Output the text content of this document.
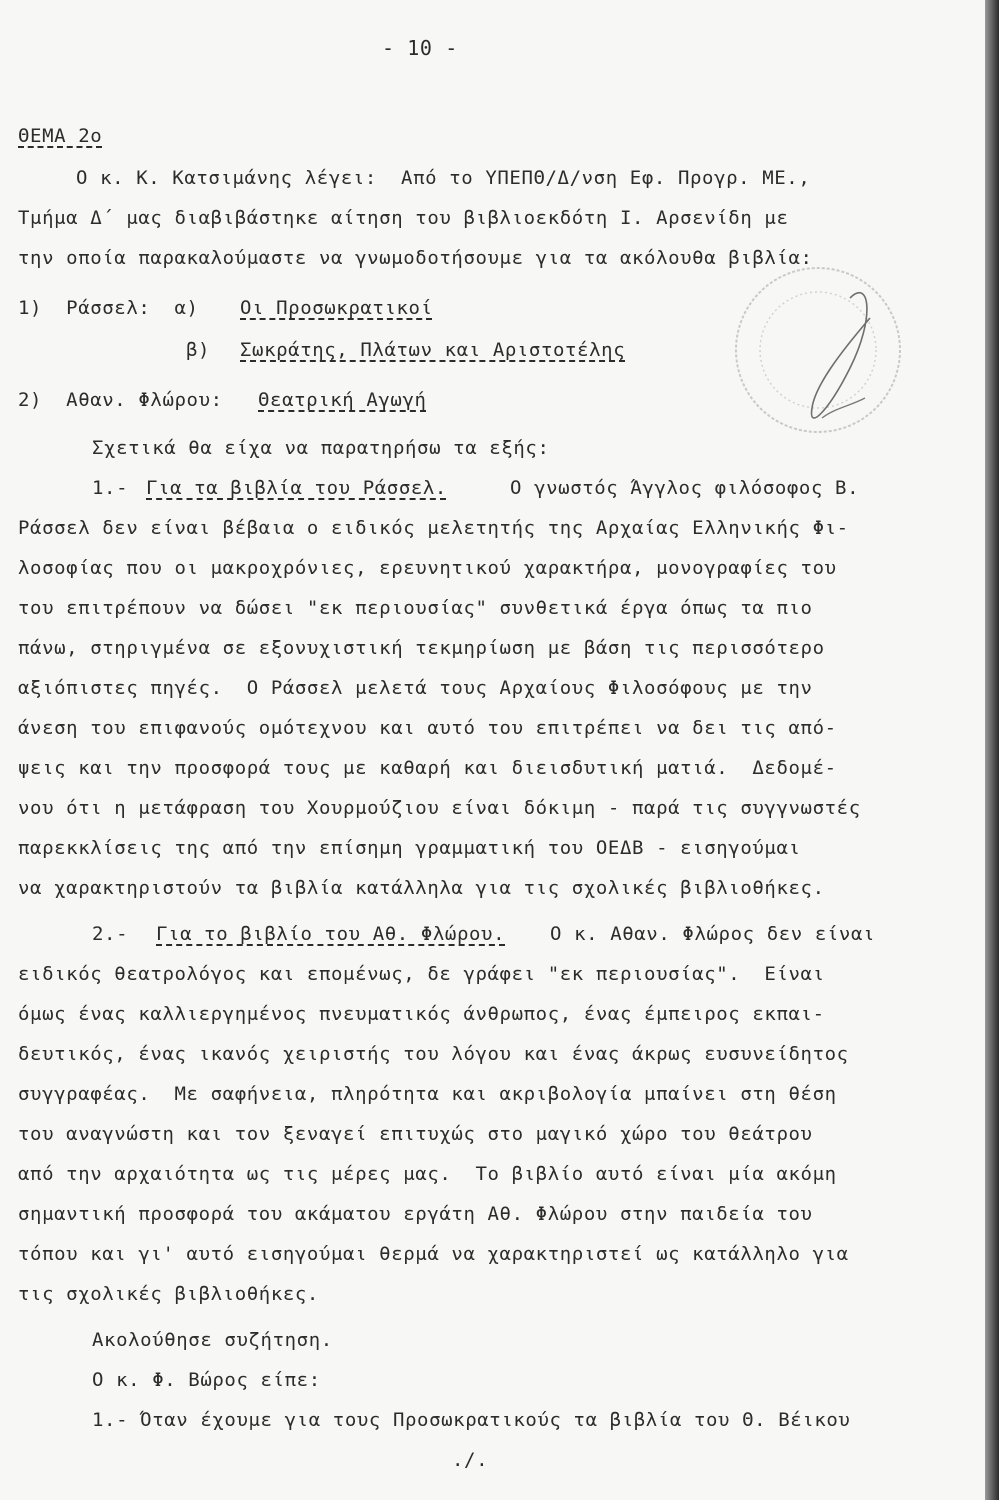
- 10 -
ΘΕΜΑ 2ο
Ο κ. Κ. Κατσιμάνης λέγει:  Από το ΥΠΕΠΘ/Δ/νση Εφ. Προγρ. ΜΕ.,
Τμήμα Δ΄ μας διαβιβάστηκε αίτηση του βιβλιοεκδότη Ι. Αρσενίδη με
την οποία παρακαλούμαστε να γνωμοδοτήσουμε για τα ακόλουθα βιβλία:
1)  Ράσσελ:  α) Οι Προσωκρατικοί
β) Σωκράτης, Πλάτων και Αριστοτέλης
2)  Αθαν. Φλώρου: Θεατρική Αγωγή
Σχετικά θα είχα να παρατηρήσω τα εξής:
1.- Για τα βιβλία του Ράσσελ.	Ο γνωστός Άγγλος φιλόσοφος Β.
Ράσσελ δεν είναι βέβαια ο ειδικός μελετητής της Αρχαίας Ελληνικής Φι-
λοσοφίας που οι μακροχρόνιες, ερευνητικού χαρακτήρα, μονογραφίες του
του επιτρέπουν να δώσει "εκ περιουσίας" συνθετικά έργα όπως τα πιο
πάνω, στηριγμένα σε εξονυχιστική τεκμηρίωση με βάση τις περισσότερο
αξιόπιστες πηγές.  Ο Ράσσελ μελετά τους Αρχαίους Φιλοσόφους με την
άνεση του επιφανούς ομότεχνου και αυτό του επιτρέπει να δει τις από-
ψεις και την προσφορά τους με καθαρή και διεισδυτική ματιά.  Δεδομέ-
νου ότι η μετάφραση του Χουρμούζιου είναι δόκιμη - παρά τις συγγνωστές
παρεκκλίσεις της από την επίσημη γραμματική του ΟΕΔΒ - εισηγούμαι
να χαρακτηριστούν τα βιβλία κατάλληλα για τις σχολικές βιβλιοθήκες.
2.- Για το βιβλίο του Αθ. Φλώρου. Ο κ. Αθαν. Φλώρος δεν είναι
ειδικός θεατρολόγος και επομένως, δε γράφει "εκ περιουσίας".  Είναι
όμως ένας καλλιεργημένος πνευματικός άνθρωπος, ένας έμπειρος εκπαι-
δευτικός, ένας ικανός χειριστής του λόγου και ένας άκρως ευσυνείδητος
συγγραφέας.  Με σαφήνεια, πληρότητα και ακριβολογία μπαίνει στη θέση
του αναγνώστη και τον ξεναγεί επιτυχώς στο μαγικό χώρο του θεάτρου
από την αρχαιότητα ως τις μέρες μας.  Το βιβλίο αυτό είναι μία ακόμη
σημαντική προσφορά του ακάματου εργάτη Αθ. Φλώρου στην παιδεία του
τόπου και γι' αυτό εισηγούμαι θερμά να χαρακτηριστεί ως κατάλληλο για
τις σχολικές βιβλιοθήκες.
Ακολούθησε συζήτηση.
Ο κ. Φ. Βώρος είπε:
1.- Όταν έχουμε για τους Προσωκρατικούς τα βιβλία του Θ. Βέικου
./.
